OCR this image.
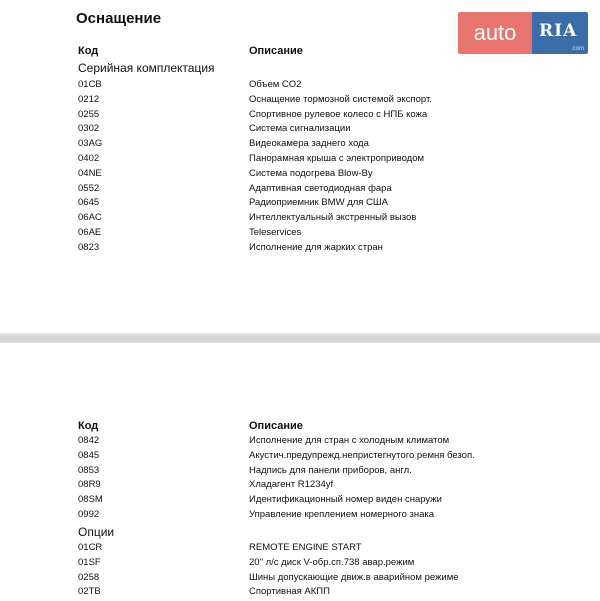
Оснащение
auto	RIA
.com
Код	Описание
Серийная комплектация
01CB	Объем CO2
0212	Оснащение тормозной системой экспорт.
0255	Спортивное рулевое колесо с НПБ кожа
0302	Система сигнализации
03AG	Видеокамера заднего хода
0402	Панорамная крыша с электроприводом
04NE	Система подогрева Blow-By
0552	Адаптивная светодиодная фара
0645	Радиоприемник BMW для США
06AC	Интеллектуальный экстренный вызов
06AE	Teleservices
0823	Исполнение для жарких стран
Код	Описание
0842	Исполнение для стран с холодным климатом
0845	Акустич.предупрежд.непристегнутого ремня безоп.
0853	Надпись для панели приборов, англ.
08R9	Хладагент R1234yf
08SM	Идентификационный номер виден снаружи
0992	Управление креплением номерного знака
Опции
01CR	REMOTE ENGINE START
01SF	20" л/с диск V-обр.сп.738 авар.режим
0258	Шины допускающие движ.в аварийном режиме
02TB	Спортивная АКПП
